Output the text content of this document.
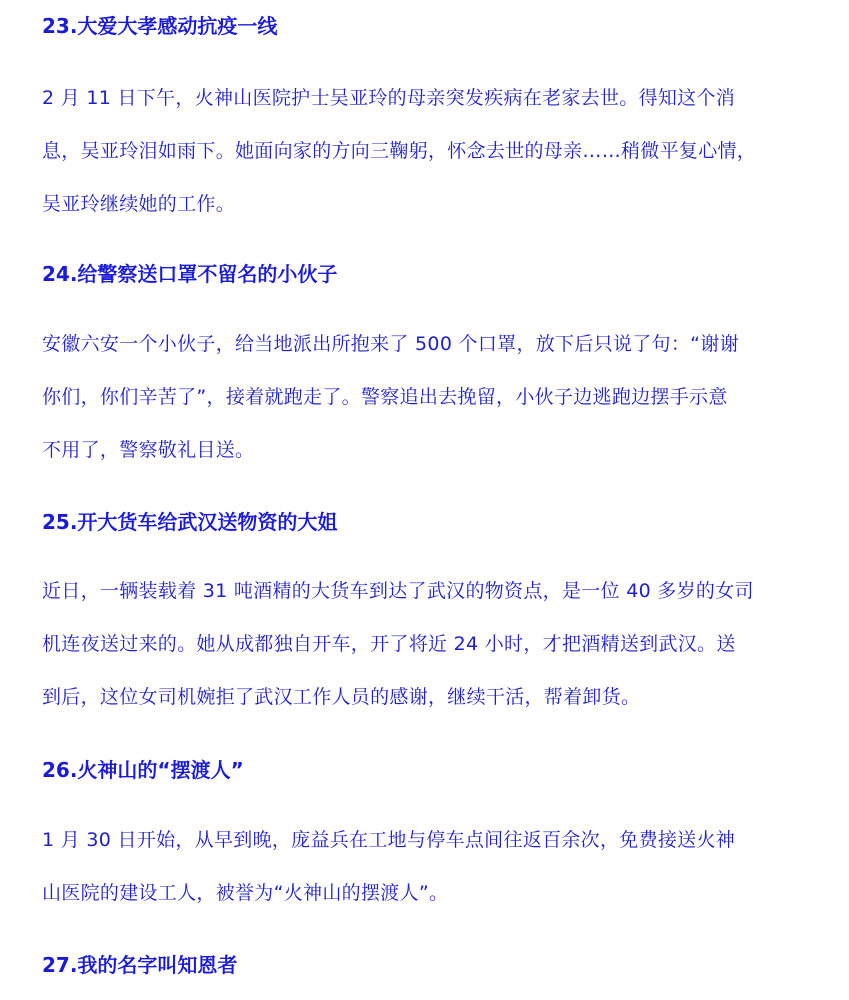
23.大爱大孝感动抗疫一线
2 月 11 日下午，火神山医院护士吴亚玲的母亲突发疾病在老家去世。得知这个消
息，吴亚玲泪如雨下。她面向家的方向三鞠躬，怀念去世的母亲……稍微平复心情，
吴亚玲继续她的工作。
24.给警察送口罩不留名的小伙子
安徽六安一个小伙子，给当地派出所抱来了 500 个口罩，放下后只说了句：“谢谢
你们，你们辛苦了”，接着就跑走了。警察追出去挽留，小伙子边逃跑边摆手示意
不用了，警察敬礼目送。
25.开大货车给武汉送物资的大姐
近日，一辆装载着 31 吨酒精的大货车到达了武汉的物资点，是一位 40 多岁的女司
机连夜送过来的。她从成都独自开车，开了将近 24 小时，才把酒精送到武汉。送
到后，这位女司机婉拒了武汉工作人员的感谢，继续干活，帮着卸货。
26.火神山的“摆渡人”
1 月 30 日开始，从早到晚，庞益兵在工地与停车点间往返百余次，免费接送火神
山医院的建设工人，被誉为“火神山的摆渡人”。
27.我的名字叫知恩者
